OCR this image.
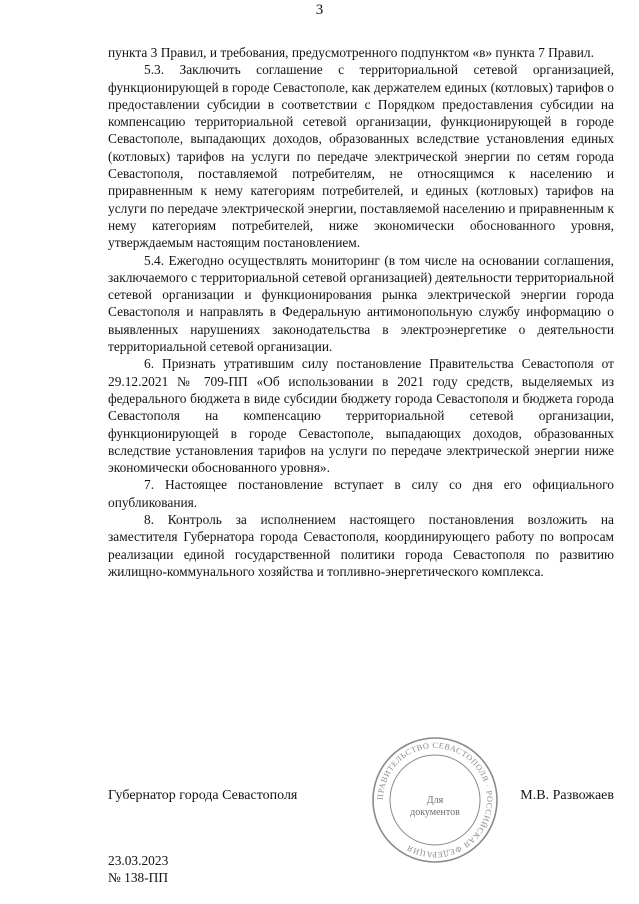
3

пункта 3 Правил, и требования, предусмотренного подпунктом «в» пункта 7 Правил.

5.3. Заключить соглашение с территориальной сетевой организацией, функционирующей в городе Севастополе, как держателем единых (котловых) тарифов о предоставлении субсидии в соответствии с Порядком предоставления субсидии на компенсацию территориальной сетевой организации, функционирующей в городе Севастополе, выпадающих доходов, образованных вследствие установления единых (котловых) тарифов на услуги по передаче электрической энергии по сетям города Севастополя, поставляемой потребителям, не относящимся к населению и приравненным к нему категориям потребителей, и единых (котловых) тарифов на услуги по передаче электрической энергии, поставляемой населению и приравненным к нему категориям потребителей, ниже экономически обоснованного уровня, утверждаемым настоящим постановлением.

5.4. Ежегодно осуществлять мониторинг (в том числе на основании соглашения, заключаемого с территориальной сетевой организацией) деятельности территориальной сетевой организации и функционирования рынка электрической энергии города Севастополя и направлять в Федеральную антимонопольную службу информацию о выявленных нарушениях законодательства в электроэнергетике о деятельности территориальной сетевой организации.

6. Признать утратившим силу постановление Правительства Севастополя от 29.12.2021 № 709-ПП «Об использовании в 2021 году средств, выделяемых из федерального бюджета в виде субсидии бюджету города Севастополя и бюджета города Севастополя на компенсацию территориальной сетевой организации, функционирующей в городе Севастополе, выпадающих доходов, образованных вследствие установления тарифов на услуги по передаче электрической энергии ниже экономически обоснованного уровня».

7. Настоящее постановление вступает в силу со дня его официального опубликования.

8. Контроль за исполнением настоящего постановления возложить на заместителя Губернатора города Севастополя, координирующего работу по вопросам реализации единой государственной политики города Севастополя по развитию жилищно-коммунального хозяйства и топливно-энергетического комплекса.

ПРАВИТЕЛЬСТВО СЕВАСТОПОЛЯ · РОССИЙСКАЯ ФЕДЕРАЦИЯ
Для
документов
Губернатор города Севастополя	М.В. Развожаев
23.03.2023
№ 138-ПП
